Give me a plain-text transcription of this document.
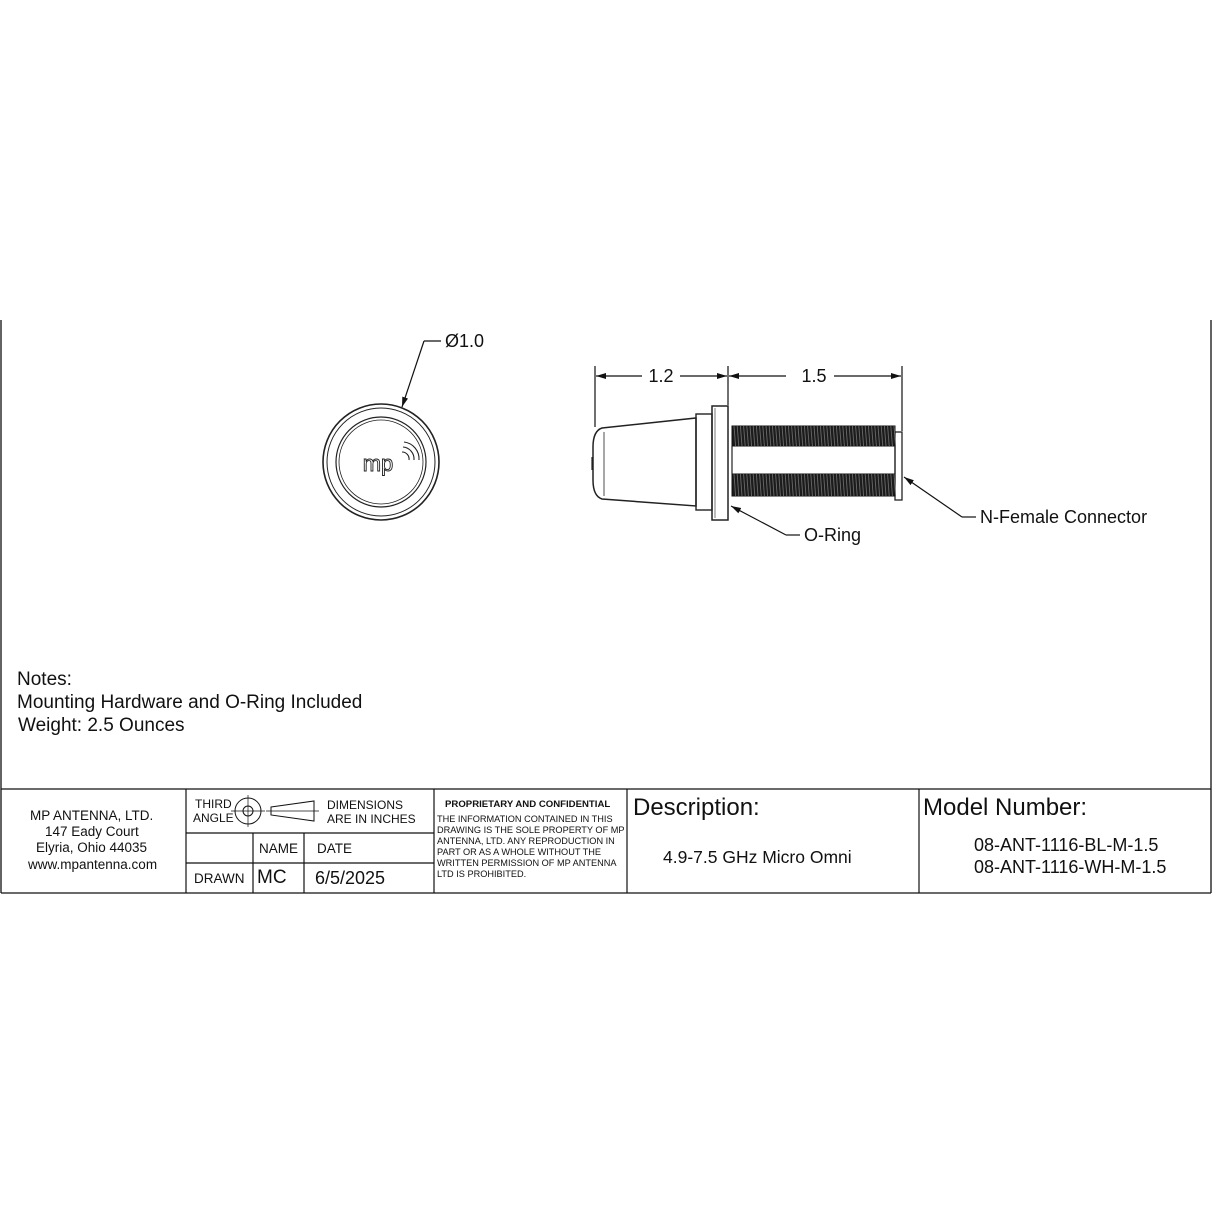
mp
Ø1.0
1.2	1.5
O-Ring
N-Female Connector
Notes:
Mounting Hardware and O-Ring Included
Weight: 2.5 Ounces
MP ANTENNA, LTD.
147 Eady Court
Elyria, Ohio 44035
www.mpantenna.com
THIRD
ANGLE
DIMENSIONS
ARE IN INCHES
NAME DATE
DRAWN MC 6/5/2025
PROPRIETARY AND CONFIDENTIAL
THE INFORMATION CONTAINED IN THIS
DRAWING IS THE SOLE PROPERTY OF MP
ANTENNA, LTD. ANY REPRODUCTION IN
PART OR AS A WHOLE WITHOUT THE
WRITTEN PERMISSION OF MP ANTENNA
LTD IS PROHIBITED.
Description:
4.9-7.5 GHz Micro Omni
Model Number:
08-ANT-1116-BL-M-1.5
08-ANT-1116-WH-M-1.5
